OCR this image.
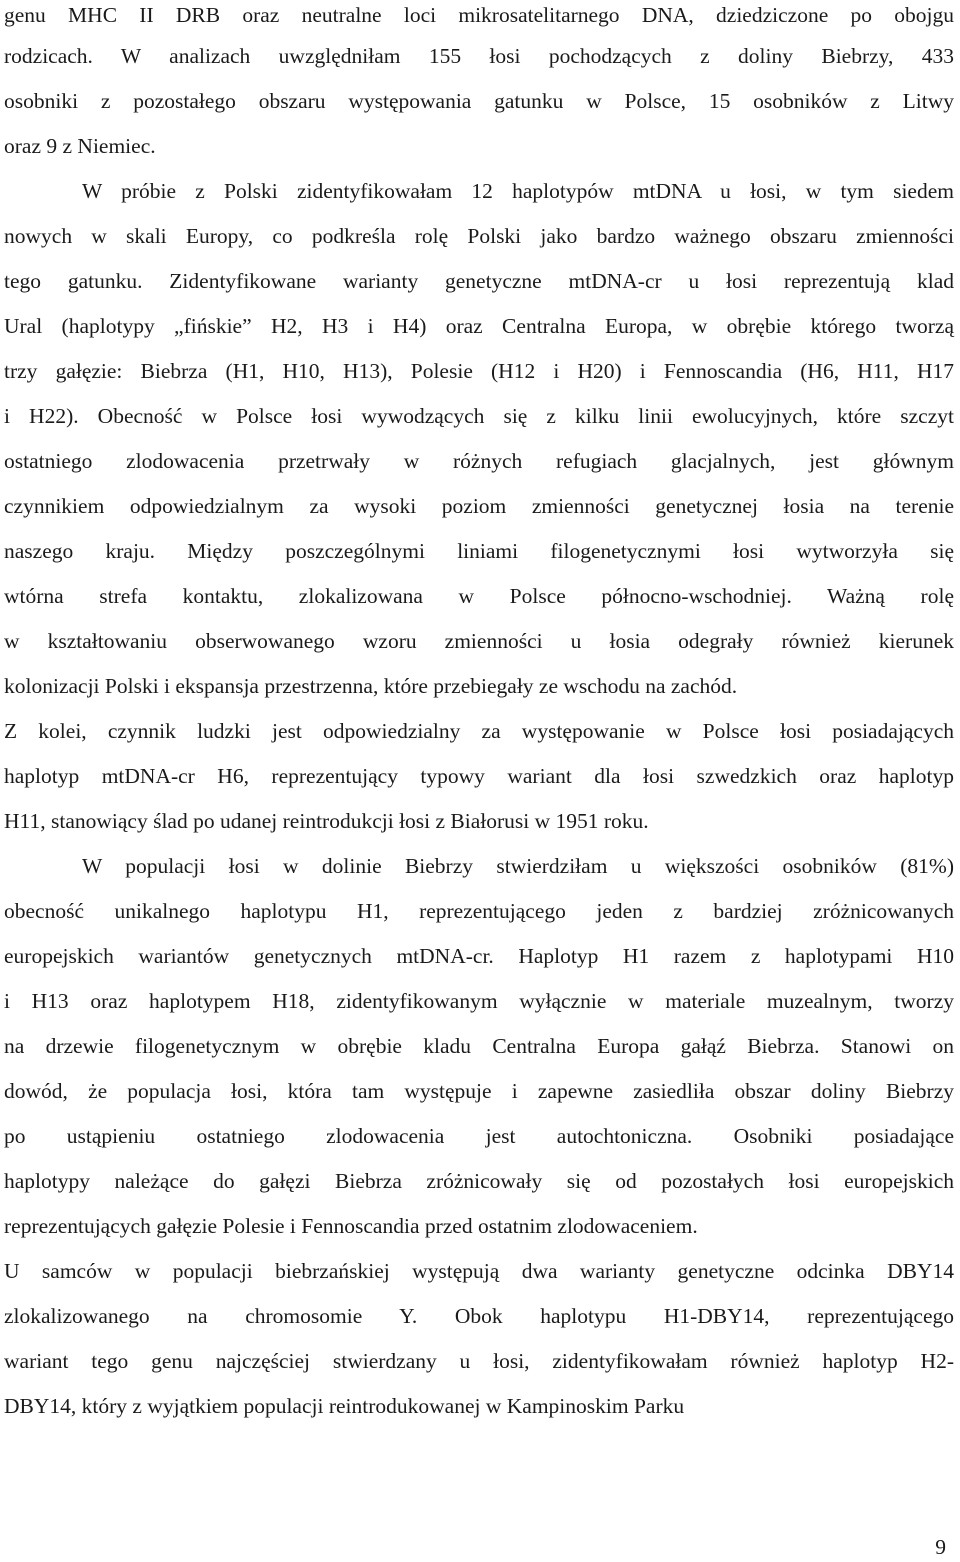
genu MHC II DRB oraz neutralne loci mikrosatelitarnego DNA, dziedziczone po obojgu
rodzicach. W analizach uwzględniłam 155 łosi pochodzących z doliny Biebrzy, 433
osobniki z pozostałego obszaru występowania gatunku w Polsce, 15 osobników z Litwy
oraz 9 z Niemiec.
W próbie z Polski zidentyfikowałam 12 haplotypów mtDNA u łosi, w tym siedem
nowych w skali Europy, co podkreśla rolę Polski jako bardzo ważnego obszaru zmienności
tego gatunku. Zidentyfikowane warianty genetyczne mtDNA-cr u łosi reprezentują klad
Ural (haplotypy „fińskie” H2, H3 i H4) oraz Centralna Europa, w obrębie którego tworzą
trzy gałęzie: Biebrza (H1, H10, H13), Polesie (H12 i H20) i Fennoscandia (H6, H11, H17
i H22). Obecność w Polsce łosi wywodzących się z kilku linii ewolucyjnych, które szczyt
ostatniego zlodowacenia przetrwały w różnych refugiach glacjalnych, jest głównym
czynnikiem odpowiedzialnym za wysoki poziom zmienności genetycznej łosia na terenie
naszego kraju. Między poszczególnymi liniami filogenetycznymi łosi wytworzyła się
wtórna strefa kontaktu, zlokalizowana w Polsce północno-wschodniej. Ważną rolę
w kształtowaniu obserwowanego wzoru zmienności u łosia odegrały również kierunek
kolonizacji Polski i ekspansja przestrzenna, które przebiegały ze wschodu na zachód.
Z kolei, czynnik ludzki jest odpowiedzialny za występowanie w Polsce łosi posiadających
haplotyp mtDNA-cr H6, reprezentujący typowy wariant dla łosi szwedzkich oraz haplotyp
H11, stanowiący ślad po udanej reintrodukcji łosi z Białorusi w 1951 roku.
W populacji łosi w dolinie Biebrzy stwierdziłam u większości osobników (81%)
obecność unikalnego haplotypu H1, reprezentującego jeden z bardziej zróżnicowanych
europejskich wariantów genetycznych mtDNA-cr. Haplotyp H1 razem z haplotypami H10
i H13 oraz haplotypem H18, zidentyfikowanym wyłącznie w materiale muzealnym, tworzy
na drzewie filogenetycznym w obrębie kladu Centralna Europa gałąź Biebrza. Stanowi on
dowód, że populacja łosi, która tam występuje i zapewne zasiedliła obszar doliny Biebrzy
po ustąpieniu ostatniego zlodowacenia jest autochtoniczna. Osobniki posiadające
haplotypy należące do gałęzi Biebrza zróżnicowały się od pozostałych łosi europejskich
reprezentujących gałęzie Polesie i Fennoscandia przed ostatnim zlodowaceniem.
U samców w populacji biebrzańskiej występują dwa warianty genetyczne odcinka DBY14
zlokalizowanego na chromosomie Y. Obok haplotypu H1-DBY14, reprezentującego
wariant tego genu najczęściej stwierdzany u łosi, zidentyfikowałam również haplotyp H2-
DBY14, który z wyjątkiem populacji reintrodukowanej w Kampinoskim Parku
9
